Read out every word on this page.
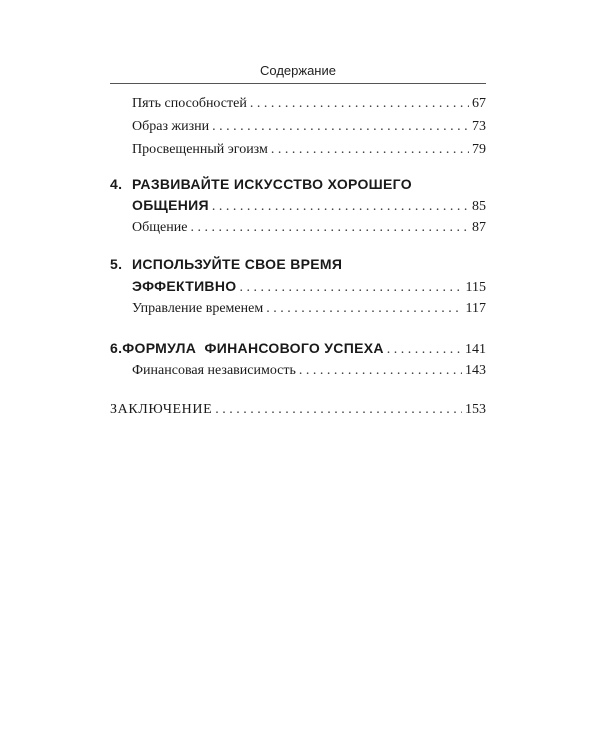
Содержание
Пять способностей . . .	67
Образ жизни . . .	73
Просвещенный эгоизм . . .	79
4. РАЗВИВАЙТЕ ИСКУССТВО ХОРОШЕГО
ОБЩЕНИЯ . . .	85
Общение . . .	87
5. ИСПОЛЬЗУЙТЕ СВОЕ ВРЕМЯ
ЭФФЕКТИВНО . . .	115
Управление временем . . .	117
6. ФОРМУЛА  ФИНАНСОВОГО УСПЕХА . . .	141
Финансовая независимость . . .	143
ЗАКЛЮЧЕНИЕ . . .	153
